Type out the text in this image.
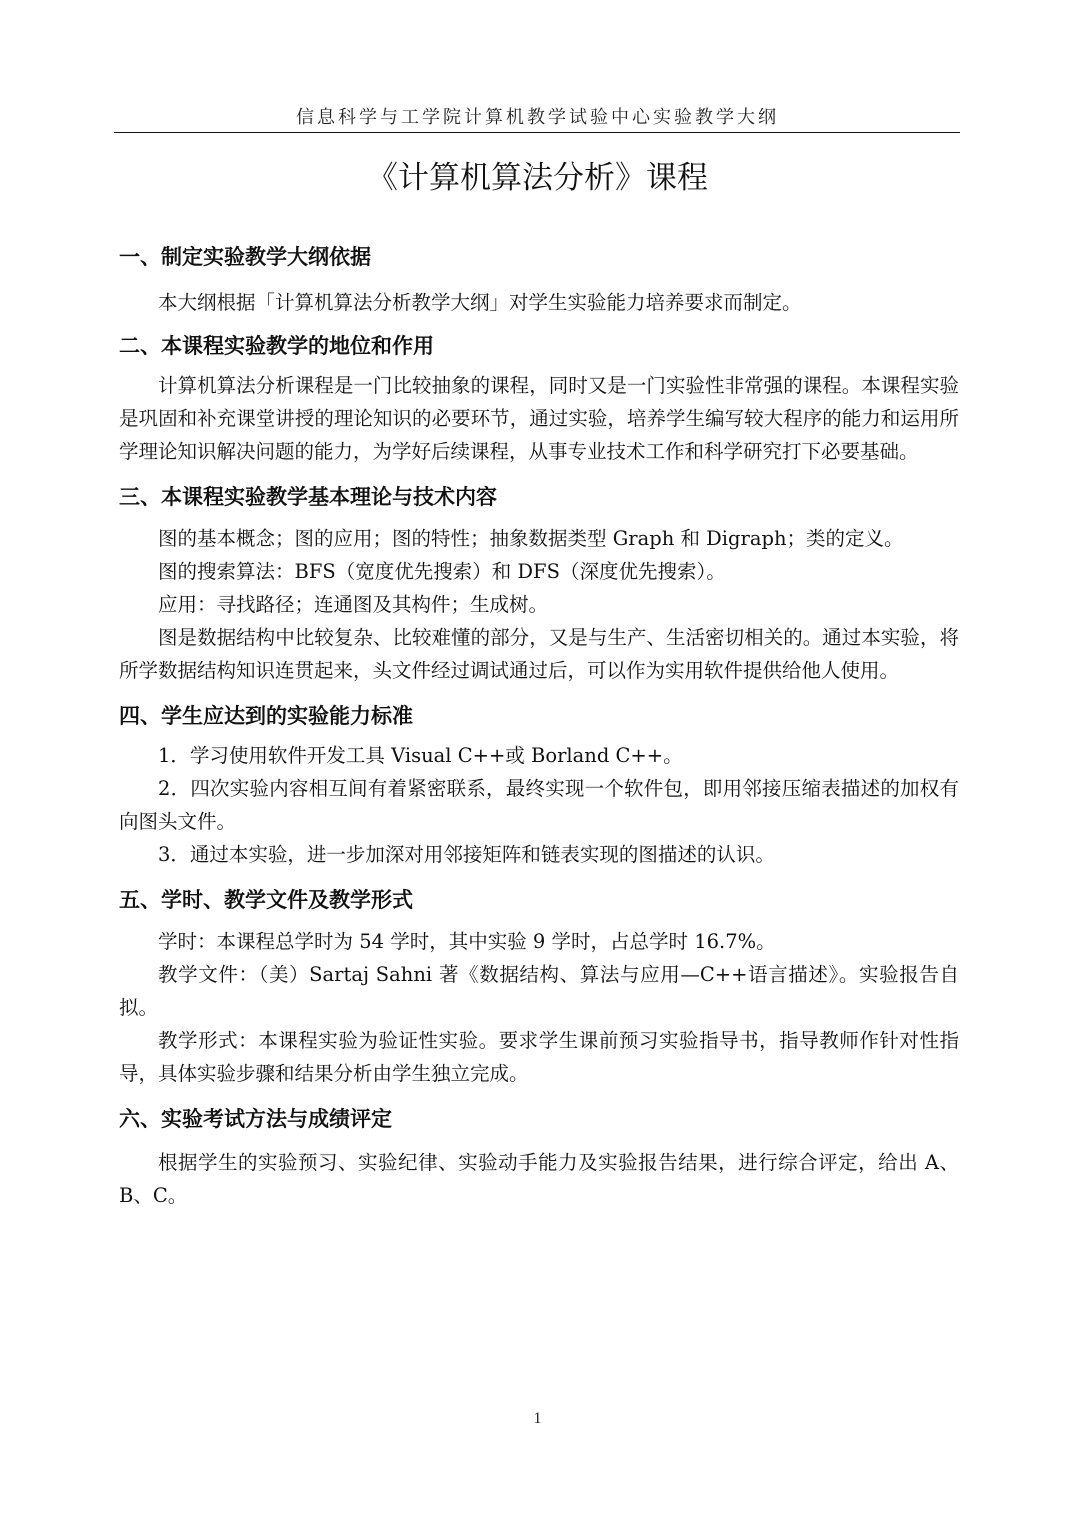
信息科学与工学院计算机教学试验中心实验教学大纲
《计算机算法分析》课程
一、制定实验教学大纲依据

本大纲根据「计算机算法分析教学大纲」对学生实验能力培养要求而制定。

二、本课程实验教学的地位和作用

计算机算法分析课程是一门比较抽象的课程，同时又是一门实验性非常强的课程。本课程实验是巩固和补充课堂讲授的理论知识的必要环节，通过实验，培养学生编写较大程序的能力和运用所学理论知识解决问题的能力，为学好后续课程，从事专业技术工作和科学研究打下必要基础。

三、本课程实验教学基本理论与技术内容

图的基本概念；图的应用；图的特性；抽象数据类型 Graph 和 Digraph；类的定义。

图的搜索算法：BFS（宽度优先搜索）和 DFS（深度优先搜索）。

应用：寻找路径；连通图及其构件；生成树。

图是数据结构中比较复杂、比较难懂的部分，又是与生产、生活密切相关的。通过本实验，将所学数据结构知识连贯起来，头文件经过调试通过后，可以作为实用软件提供给他人使用。

四、学生应达到的实验能力标准

1．学习使用软件开发工具 Visual C++或 Borland C++。

2．四次实验内容相互间有着紧密联系，最终实现一个软件包，即用邻接压缩表描述的加权有向图头文件。

3．通过本实验，进一步加深对用邻接矩阵和链表实现的图描述的认识。

五、学时、教学文件及教学形式

学时：本课程总学时为 54 学时，其中实验 9 学时，占总学时 16.7%。

教学文件：（美）Sartaj Sahni 著《数据结构、算法与应用—C++语言描述》。实验报告自拟。

教学形式：本课程实验为验证性实验。要求学生课前预习实验指导书，指导教师作针对性指导，具体实验步骤和结果分析由学生独立完成。

六、实验考试方法与成绩评定

根据学生的实验预习、实验纪律、实验动手能力及实验报告结果，进行综合评定，给出 A、B、C。

1
